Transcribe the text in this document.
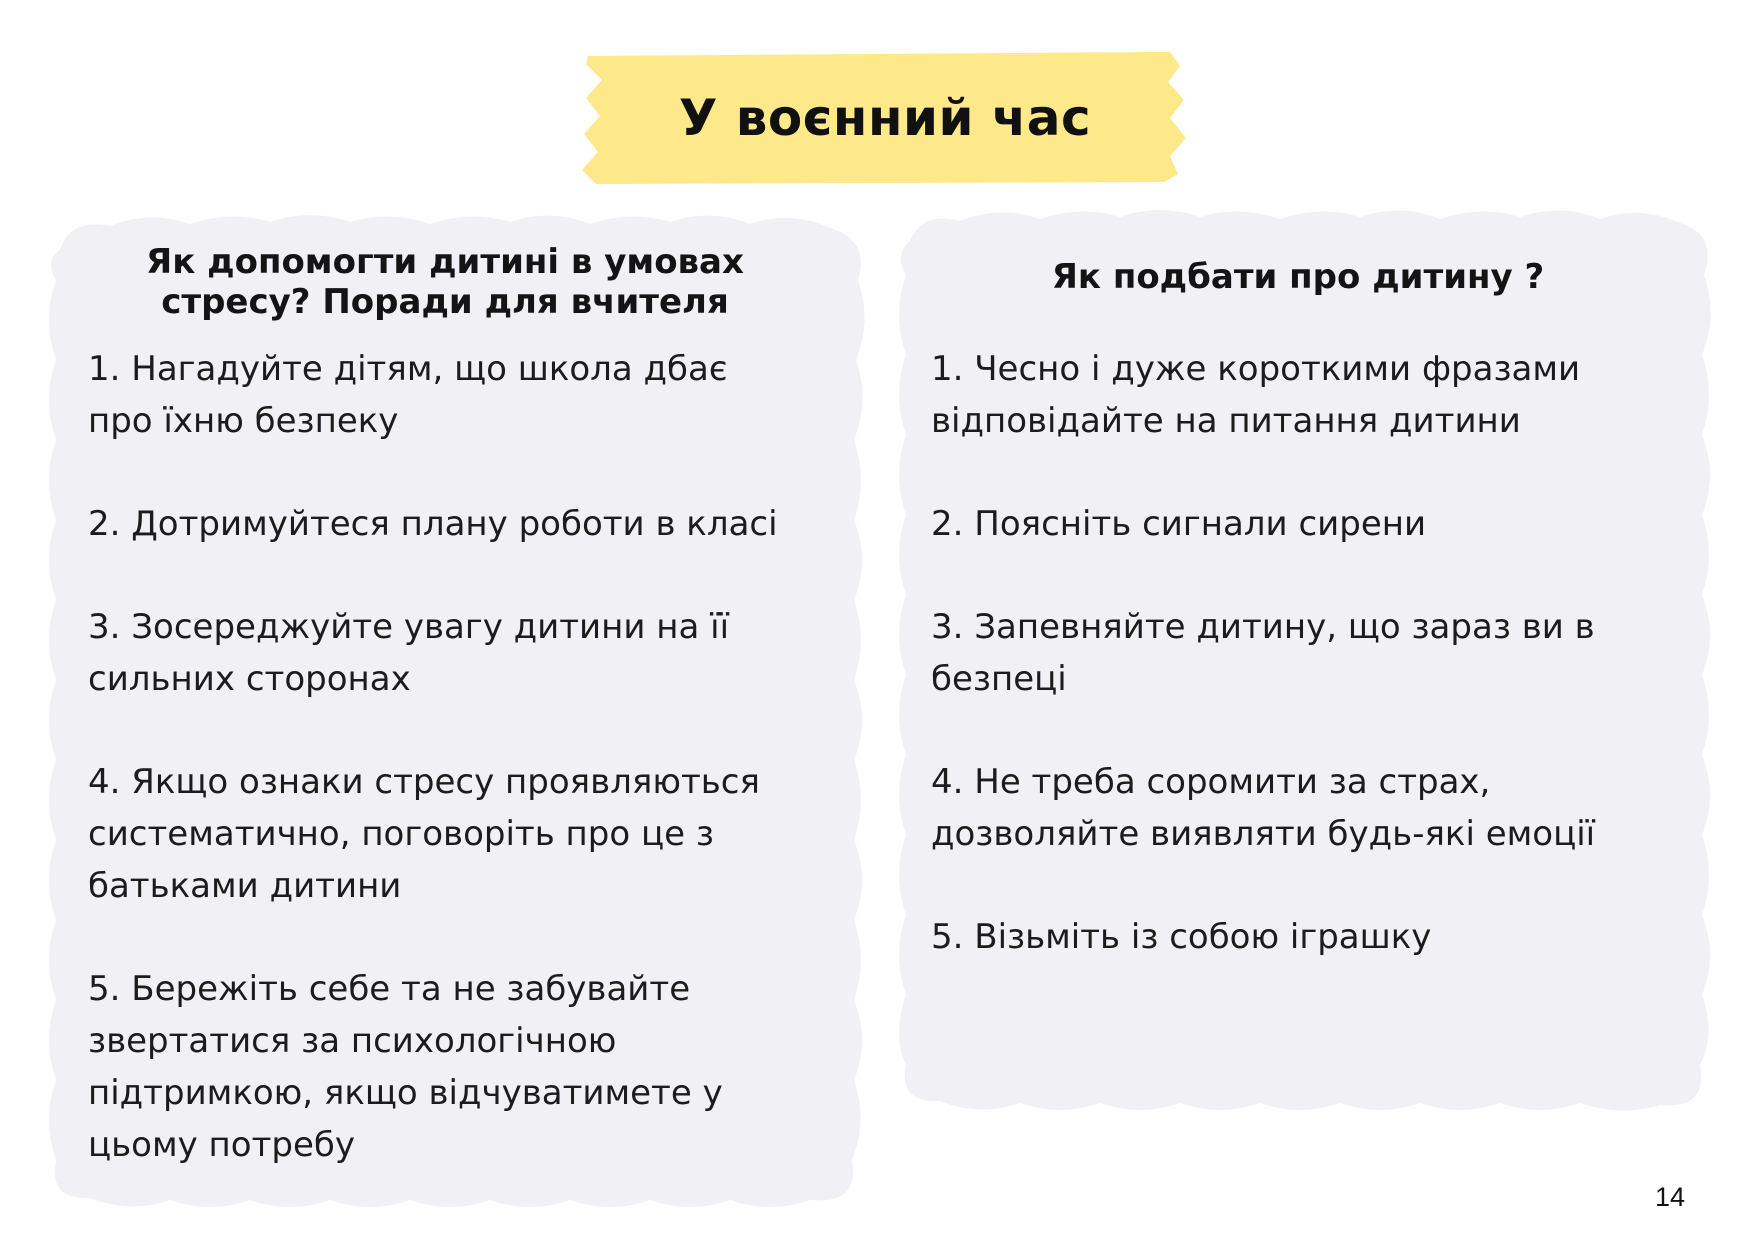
У воєнний час
Як допомогти дитині в умовах
стресу? Поради для вчителя
1. Нагадуйте дітям, що школа дбає
про їхню безпеку
2. Дотримуйтеся плану роботи в класі
3. Зосереджуйте увагу дитини на її
сильних сторонах
4. Якщо ознаки стресу проявляються
систематично, поговоріть про це з
батьками дитини
5. Бережіть себе та не забувайте
звертатися за психологічною
підтримкою, якщо відчуватимете у
цьому потребу
Як подбати про дитину ?
1. Чесно і дуже короткими фразами
відповідайте на питання дитини
2. Поясніть сигнали сирени
3. Запевняйте дитину, що зараз ви в
безпеці
4. Не треба соромити за страх,
дозволяйте виявляти будь-які емоції
5. Візьміть із собою іграшку
14
